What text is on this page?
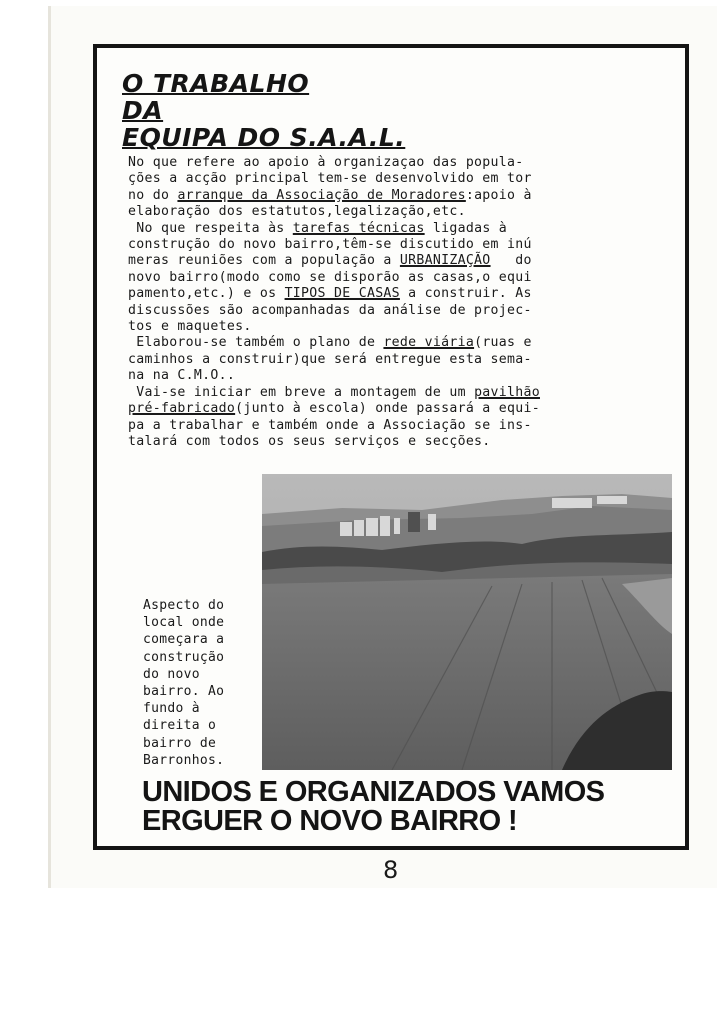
O TRABALHO
DA
EQUIPA DO S.A.A.L.
No que refere ao apoio à organizaçao das popula-
ções a acção principal tem-se desenvolvido em tor
no do arranque da Associação de Moradores:apoio à
elaboração dos estatutos,legalização,etc.
No que respeita às tarefas técnicas ligadas à
construção do novo bairro,têm-se discutido em inú
meras reuniões com a população a URBANIZAÇÃO   do
novo bairro(modo como se disporão as casas,o equi
pamento,etc.) e os TIPOS DE CASAS a construir. As
discussões são acompanhadas da análise de projec-
tos e maquetes.
Elaborou-se também o plano de rede viária(ruas e
caminhos a construir)que será entregue esta sema-
na na C.M.O..
Vai-se iniciar em breve a montagem de um pavilhão
pré-fabricado(junto à escola) onde passará a equi-
pa a trabalhar e também onde a Associação se ins-
talará com todos os seus serviços e secções.
Aspecto do
local onde
começara a
construção
do novo
bairro. Ao
fundo à
direita o
bairro de
Barronhos.
UNIDOS E ORGANIZADOS VAMOS
ERGUER O NOVO BAIRRO !
8
